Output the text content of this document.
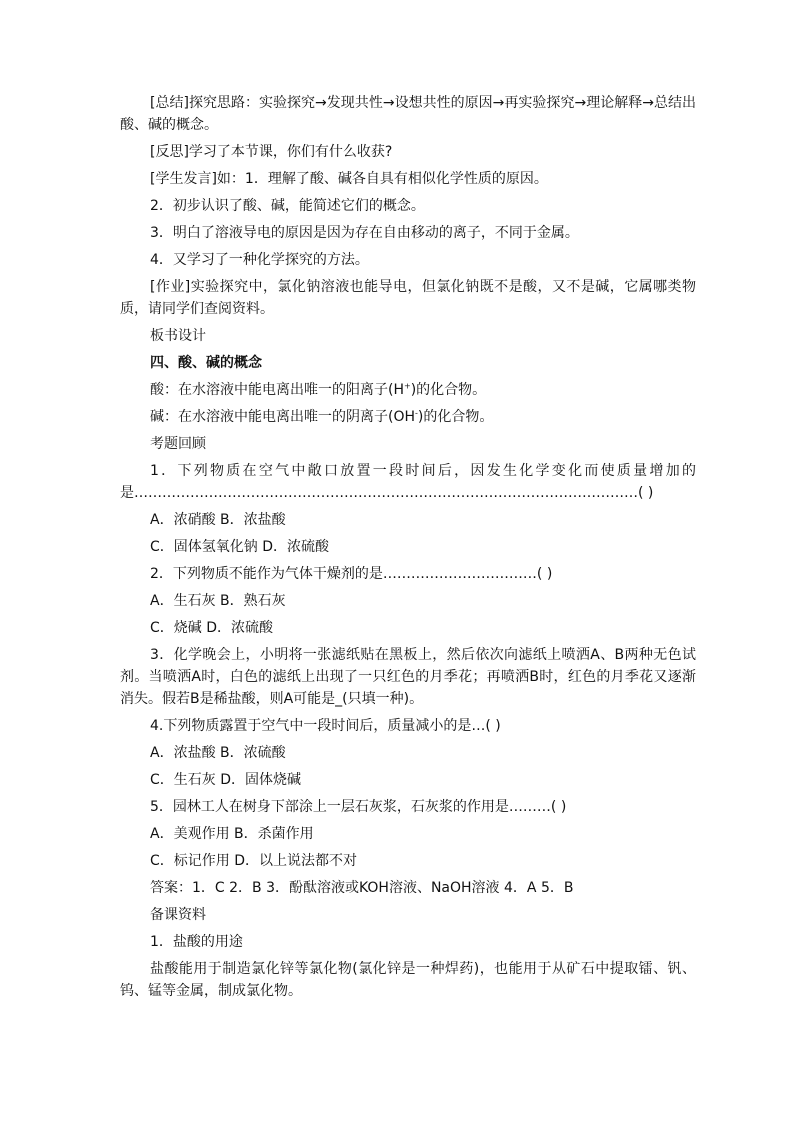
[总结]探究思路：实验探究→发现共性→设想共性的原因→再实验探究→理论解释→总结出酸、碱的概念。

[反思]学习了本节课，你们有什么收获?

[学生发言]如：1．理解了酸、碱各自具有相似化学性质的原因。

2．初步认识了酸、碱，能简述它们的概念。

3．明白了溶液导电的原因是因为存在自由移动的离子，不同于金属。

4．又学习了一种化学探究的方法。

[作业]实验探究中，氯化钠溶液也能导电，但氯化钠既不是酸，又不是碱，它属哪类物质，请同学们查阅资料。

板书设计

四、酸、碱的概念

酸：在水溶液中能电离出唯一的阳离子(H+)的化合物。

碱：在水溶液中能电离出唯一的阴离子(OH-)的化合物。

考题回顾

1．下列物质在空气中敞口放置一段时间后，因发生化学变化而使质量增加的是………………………………………………………………………………………………( )

A．浓硝酸 B．浓盐酸

C．固体氢氧化钠 D．浓硫酸

2．下列物质不能作为气体干燥剂的是……………………………( )

A．生石灰 B．熟石灰

C．烧碱 D．浓硫酸

3．化学晚会上，小明将一张滤纸贴在黑板上，然后依次向滤纸上喷洒A、B两种无色试剂。当喷洒A时，白色的滤纸上出现了一只红色的月季花；再喷洒B时，红色的月季花又逐渐消失。假若B是稀盐酸，则A可能是_(只填一种)。

4.下列物质露置于空气中一段时间后，质量减小的是…( )

A．浓盐酸 B．浓硫酸

C．生石灰 D．固体烧碱

5．园林工人在树身下部涂上一层石灰浆，石灰浆的作用是………( )

A．美观作用 B．杀菌作用

C．标记作用 D．以上说法都不对

答案：1．C 2．B 3．酚酞溶液或KOH溶液、NaOH溶液 4．A 5．B

备课资料

1．盐酸的用途

盐酸能用于制造氯化锌等氯化物(氯化锌是一种焊药)，也能用于从矿石中提取镭、钒、钨、锰等金属，制成氯化物。
